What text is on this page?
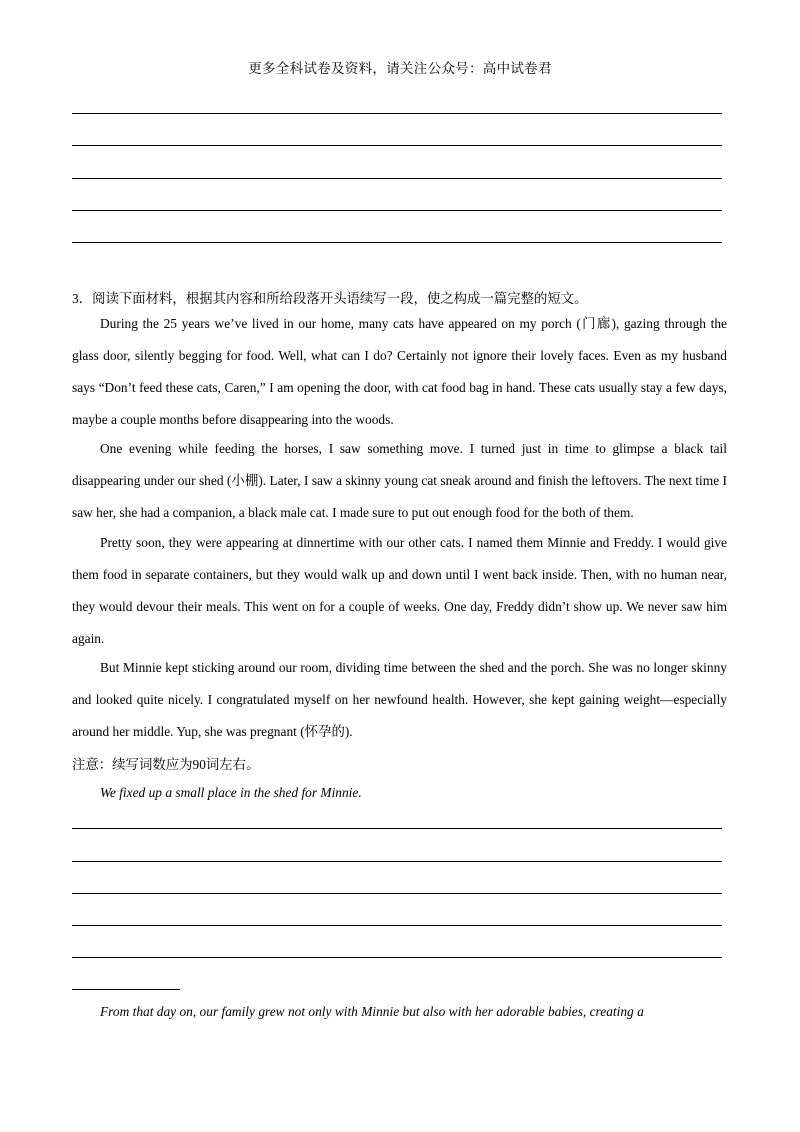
更多全科试卷及资料，请关注公众号：高中试卷君
3．阅读下面材料，根据其内容和所给段落开头语续写一段，使之构成一篇完整的短文。
During the 25 years we’ve lived in our home, many cats have appeared on my porch (门廊), gazing through the glass door, silently begging for food. Well, what can I do? Certainly not ignore their lovely faces. Even as my husband says “Don’t feed these cats, Caren,” I am opening the door, with cat food bag in hand. These cats usually stay a few days, maybe a couple months before disappearing into the woods.
One evening while feeding the horses, I saw something move. I turned just in time to glimpse a black tail disappearing under our shed (小棚). Later, I saw a skinny young cat sneak around and finish the leftovers. The next time I saw her, she had a companion, a black male cat. I made sure to put out enough food for the both of them.
Pretty soon, they were appearing at dinnertime with our other cats. I named them Minnie and Freddy. I would give them food in separate containers, but they would walk up and down until I went back inside. Then, with no human near, they would devour their meals. This went on for a couple of weeks. One day, Freddy didn’t show up. We never saw him again.
But Minnie kept sticking around our room, dividing time between the shed and the porch. She was no longer skinny and looked quite nicely. I congratulated myself on her newfound health. However, she kept gaining weight—especially around her middle. Yup, she was pregnant (怀孕的).
注意：续写词数应为90词左右。
We fixed up a small place in the shed for Minnie.
From that day on, our family grew not only with Minnie but also with her adorable babies, creating a
